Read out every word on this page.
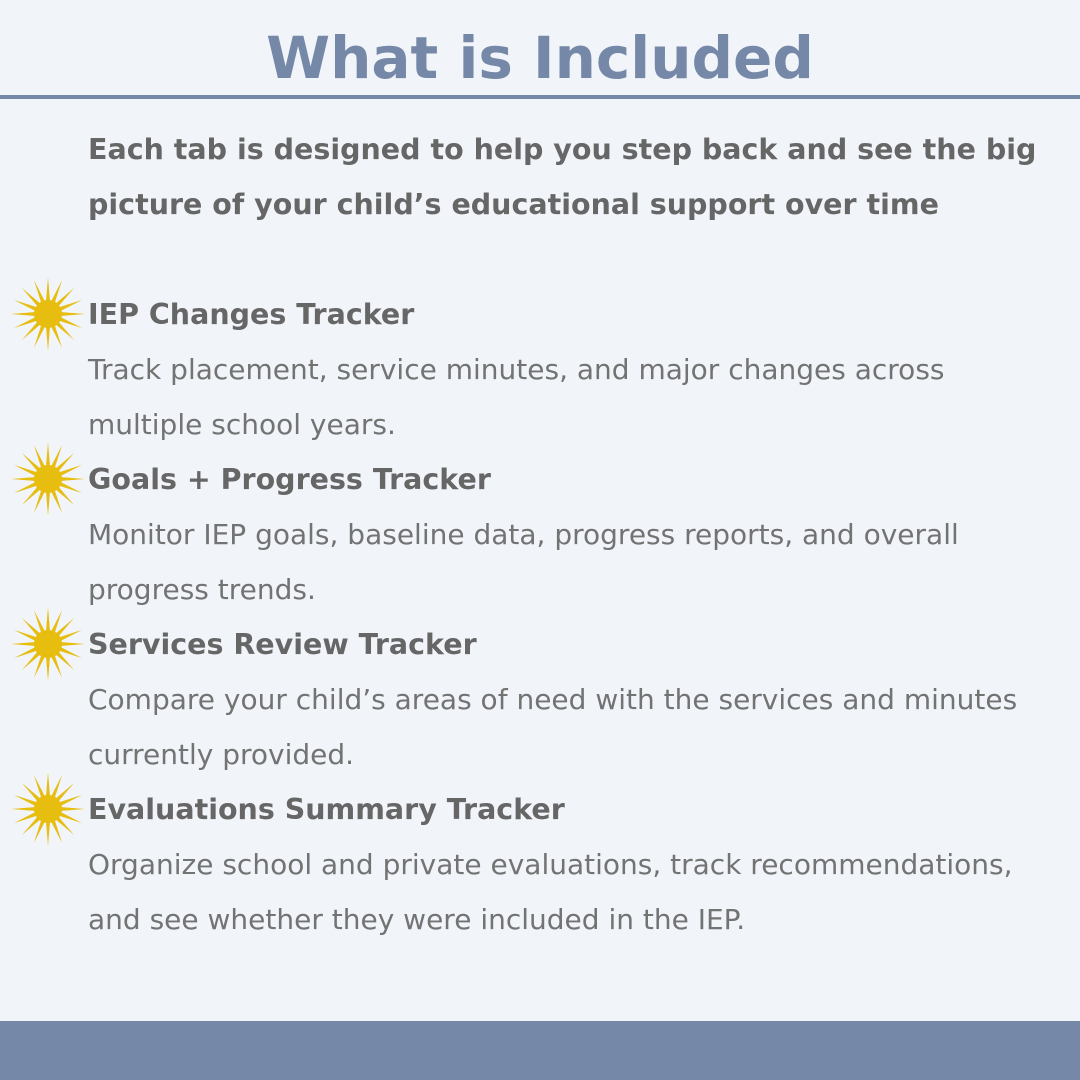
What is Included
Each tab is designed to help you step back and see the big picture of your child’s educational support over time
IEP Changes Tracker
Track placement, service minutes, and major changes across multiple school years.
Goals + Progress Tracker
Monitor IEP goals, baseline data, progress reports, and overall progress trends.
Services Review Tracker
Compare your child’s areas of need with the services and minutes currently provided.
Evaluations Summary Tracker
Organize school and private evaluations, track recommendations, and see whether they were included in the IEP.
